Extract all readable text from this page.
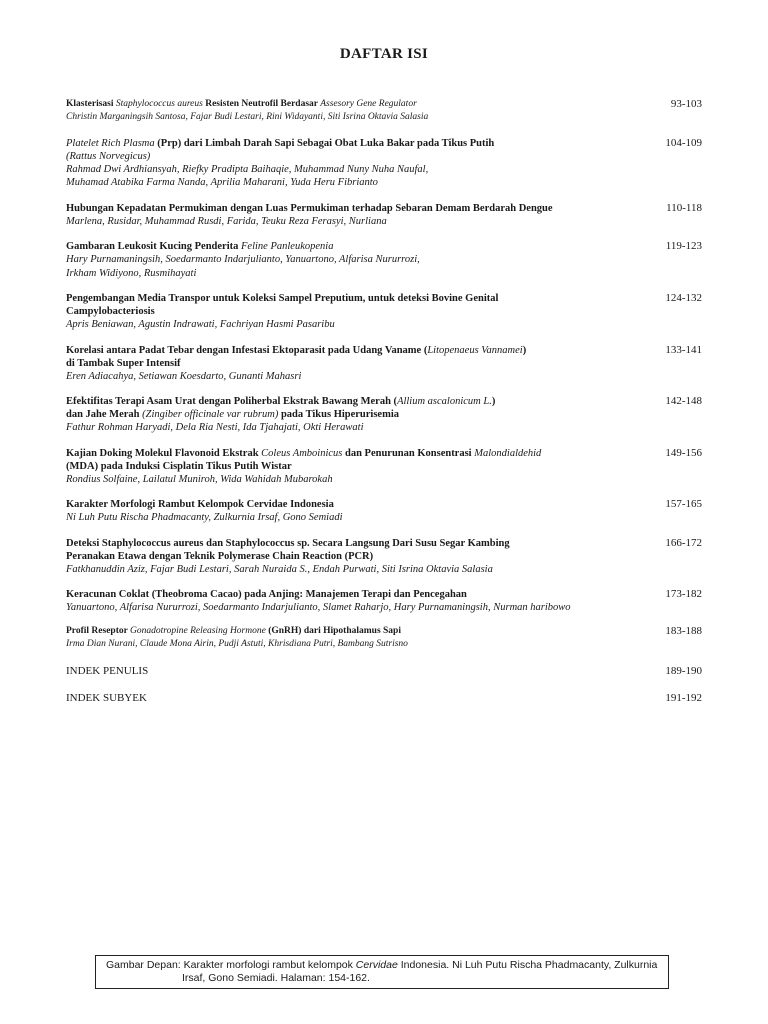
DAFTAR ISI
Klasterisasi Staphylococcus aureus Resisten Neutrofil Berdasar Assesory Gene Regulator
Christin Marganingsih Santosa, Fajar Budi Lestari, Rini Widayanti, Siti Isrina Oktavia Salasia
93-103
Platelet Rich Plasma (Prp) dari Limbah Darah Sapi Sebagai Obat Luka Bakar pada Tikus Putih
(Rattus Norvegicus)
Rahmad Dwi Ardhiansyah, Riefky Pradipta Baihaqie, Muhammad Nuny Nuha Naufal,
Muhamad Atabika Farma Nanda, Aprilia Maharani, Yuda Heru Fibrianto
104-109
Hubungan Kepadatan Permukiman dengan Luas Permukiman terhadap Sebaran Demam Berdarah Dengue
Marlena, Rusidar, Muhammad Rusdi, Farida, Teuku Reza Ferasyi, Nurliana
110-118
Gambaran Leukosit Kucing Penderita Feline Panleukopenia
Hary Purnamaningsih, Soedarmanto Indarjulianto, Yanuartono, Alfarisa Nururrozi,
Irkham Widiyono, Rusmihayati
119-123
Pengembangan Media Transpor untuk Koleksi Sampel Preputium, untuk deteksi Bovine Genital
Campylobacteriosis
Apris Beniawan, Agustin Indrawati, Fachriyan Hasmi Pasaribu
124-132
Korelasi antara Padat Tebar dengan Infestasi Ektoparasit pada Udang Vaname (Litopenaeus Vannamei)
di Tambak Super Intensif
Eren Adiacahya, Setiawan Koesdarto, Gunanti Mahasri
133-141
Efektifitas Terapi Asam Urat dengan Poliherbal Ekstrak Bawang Merah (Allium ascalonicum L.)
dan Jahe Merah (Zingiber officinale var rubrum) pada Tikus Hiperurisemia
Fathur Rohman Haryadi, Dela Ria Nesti, Ida Tjahajati, Okti Herawati
142-148
Kajian Doking Molekul Flavonoid Ekstrak Coleus Amboinicus dan Penurunan Konsentrasi Malondialdehid
(MDA) pada Induksi Cisplatin Tikus Putih Wistar
Rondius Solfaine, Lailatul Muniroh, Wida Wahidah Mubarokah
149-156
Karakter Morfologi Rambut Kelompok Cervidae Indonesia
Ni Luh Putu Rischa Phadmacanty, Zulkurnia Irsaf, Gono Semiadi
157-165
Deteksi Staphylococcus aureus dan Staphylococcus sp. Secara Langsung Dari Susu Segar Kambing
Peranakan Etawa dengan Teknik Polymerase Chain Reaction (PCR)
Fatkhanuddin Aziz, Fajar Budi Lestari, Sarah Nuraida S., Endah Purwati, Siti Isrina Oktavia Salasia
166-172
Keracunan Coklat (Theobroma Cacao) pada Anjing: Manajemen Terapi dan Pencegahan
Yanuartono, Alfarisa Nururrozi, Soedarmanto Indarjulianto, Slamet Raharjo, Hary Purnamaningsih, Nurman haribowo
173-182
Profil Reseptor Gonadotropine Releasing Hormone (GnRH) dari Hipothalamus Sapi
Irma Dian Nurani, Claude Mona Airin, Pudji Astuti, Khrisdiana Putri, Bambang Sutrisno
183-188
INDEK PENULIS	189-190
INDEK SUBYEK	191-192
Gambar Depan: Karakter morfologi rambut kelompok Cervidae Indonesia. Ni Luh Putu Rischa Phadmacanty, Zulkurnia
Irsaf, Gono Semiadi. Halaman: 154-162.
